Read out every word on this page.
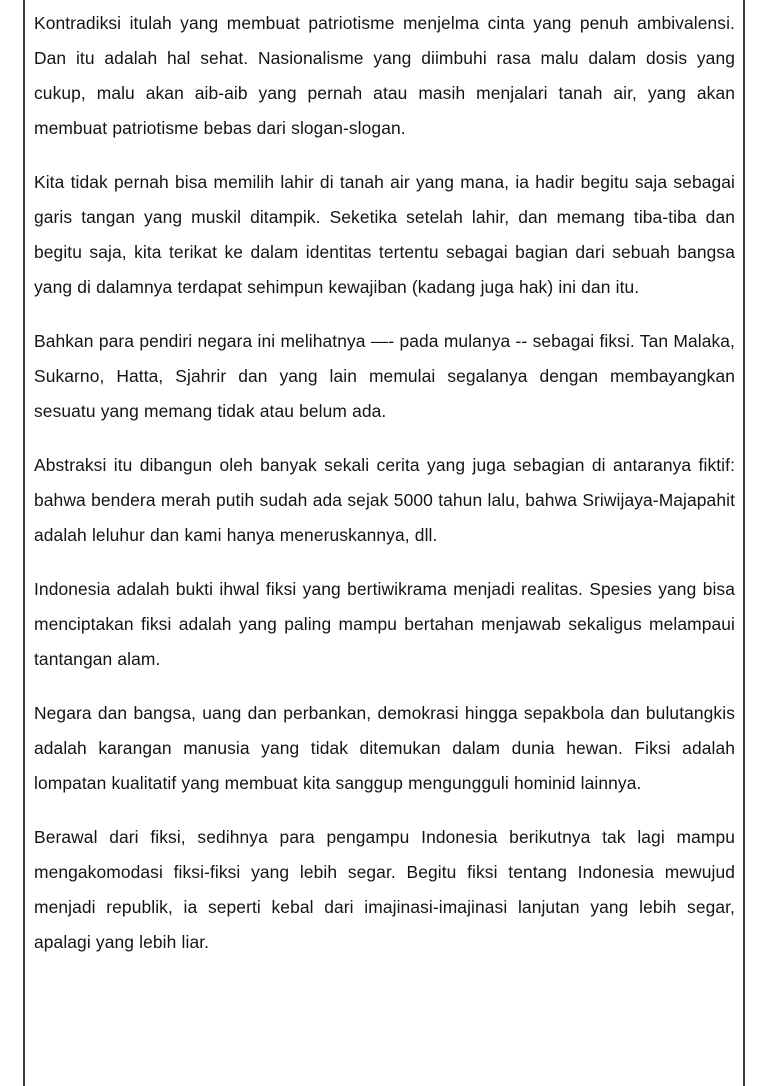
Kontradiksi itulah yang membuat patriotisme menjelma cinta yang penuh ambivalensi. Dan itu adalah hal sehat. Nasionalisme yang diimbuhi rasa malu dalam dosis yang cukup, malu akan aib-aib yang pernah atau masih menjalari tanah air, yang akan membuat patriotisme bebas dari slogan-slogan.

Kita tidak pernah bisa memilih lahir di tanah air yang mana, ia hadir begitu saja sebagai garis tangan yang muskil ditampik. Seketika setelah lahir, dan memang tiba-tiba dan begitu saja, kita terikat ke dalam identitas tertentu sebagai bagian dari sebuah bangsa yang di dalamnya terdapat sehimpun kewajiban (kadang juga hak) ini dan itu.

Bahkan para pendiri negara ini melihatnya —- pada mulanya -- sebagai fiksi. Tan Malaka, Sukarno, Hatta, Sjahrir dan yang lain memulai segalanya dengan membayangkan sesuatu yang memang tidak atau belum ada.

Abstraksi itu dibangun oleh banyak sekali cerita yang juga sebagian di antaranya fiktif: bahwa bendera merah putih sudah ada sejak 5000 tahun lalu, bahwa Sriwijaya-Majapahit adalah leluhur dan kami hanya meneruskannya, dll.

Indonesia adalah bukti ihwal fiksi yang bertiwikrama menjadi realitas. Spesies yang bisa menciptakan fiksi adalah yang paling mampu bertahan menjawab sekaligus melampaui tantangan alam.

Negara dan bangsa, uang dan perbankan, demokrasi hingga sepakbola dan bulutangkis adalah karangan manusia yang tidak ditemukan dalam dunia hewan. Fiksi adalah lompatan kualitatif yang membuat kita sanggup mengungguli hominid lainnya.

Berawal dari fiksi, sedihnya para pengampu Indonesia berikutnya tak lagi mampu mengakomodasi fiksi-fiksi yang lebih segar. Begitu fiksi tentang Indonesia mewujud menjadi republik, ia seperti kebal dari imajinasi-imajinasi lanjutan yang lebih segar, apalagi yang lebih liar.
